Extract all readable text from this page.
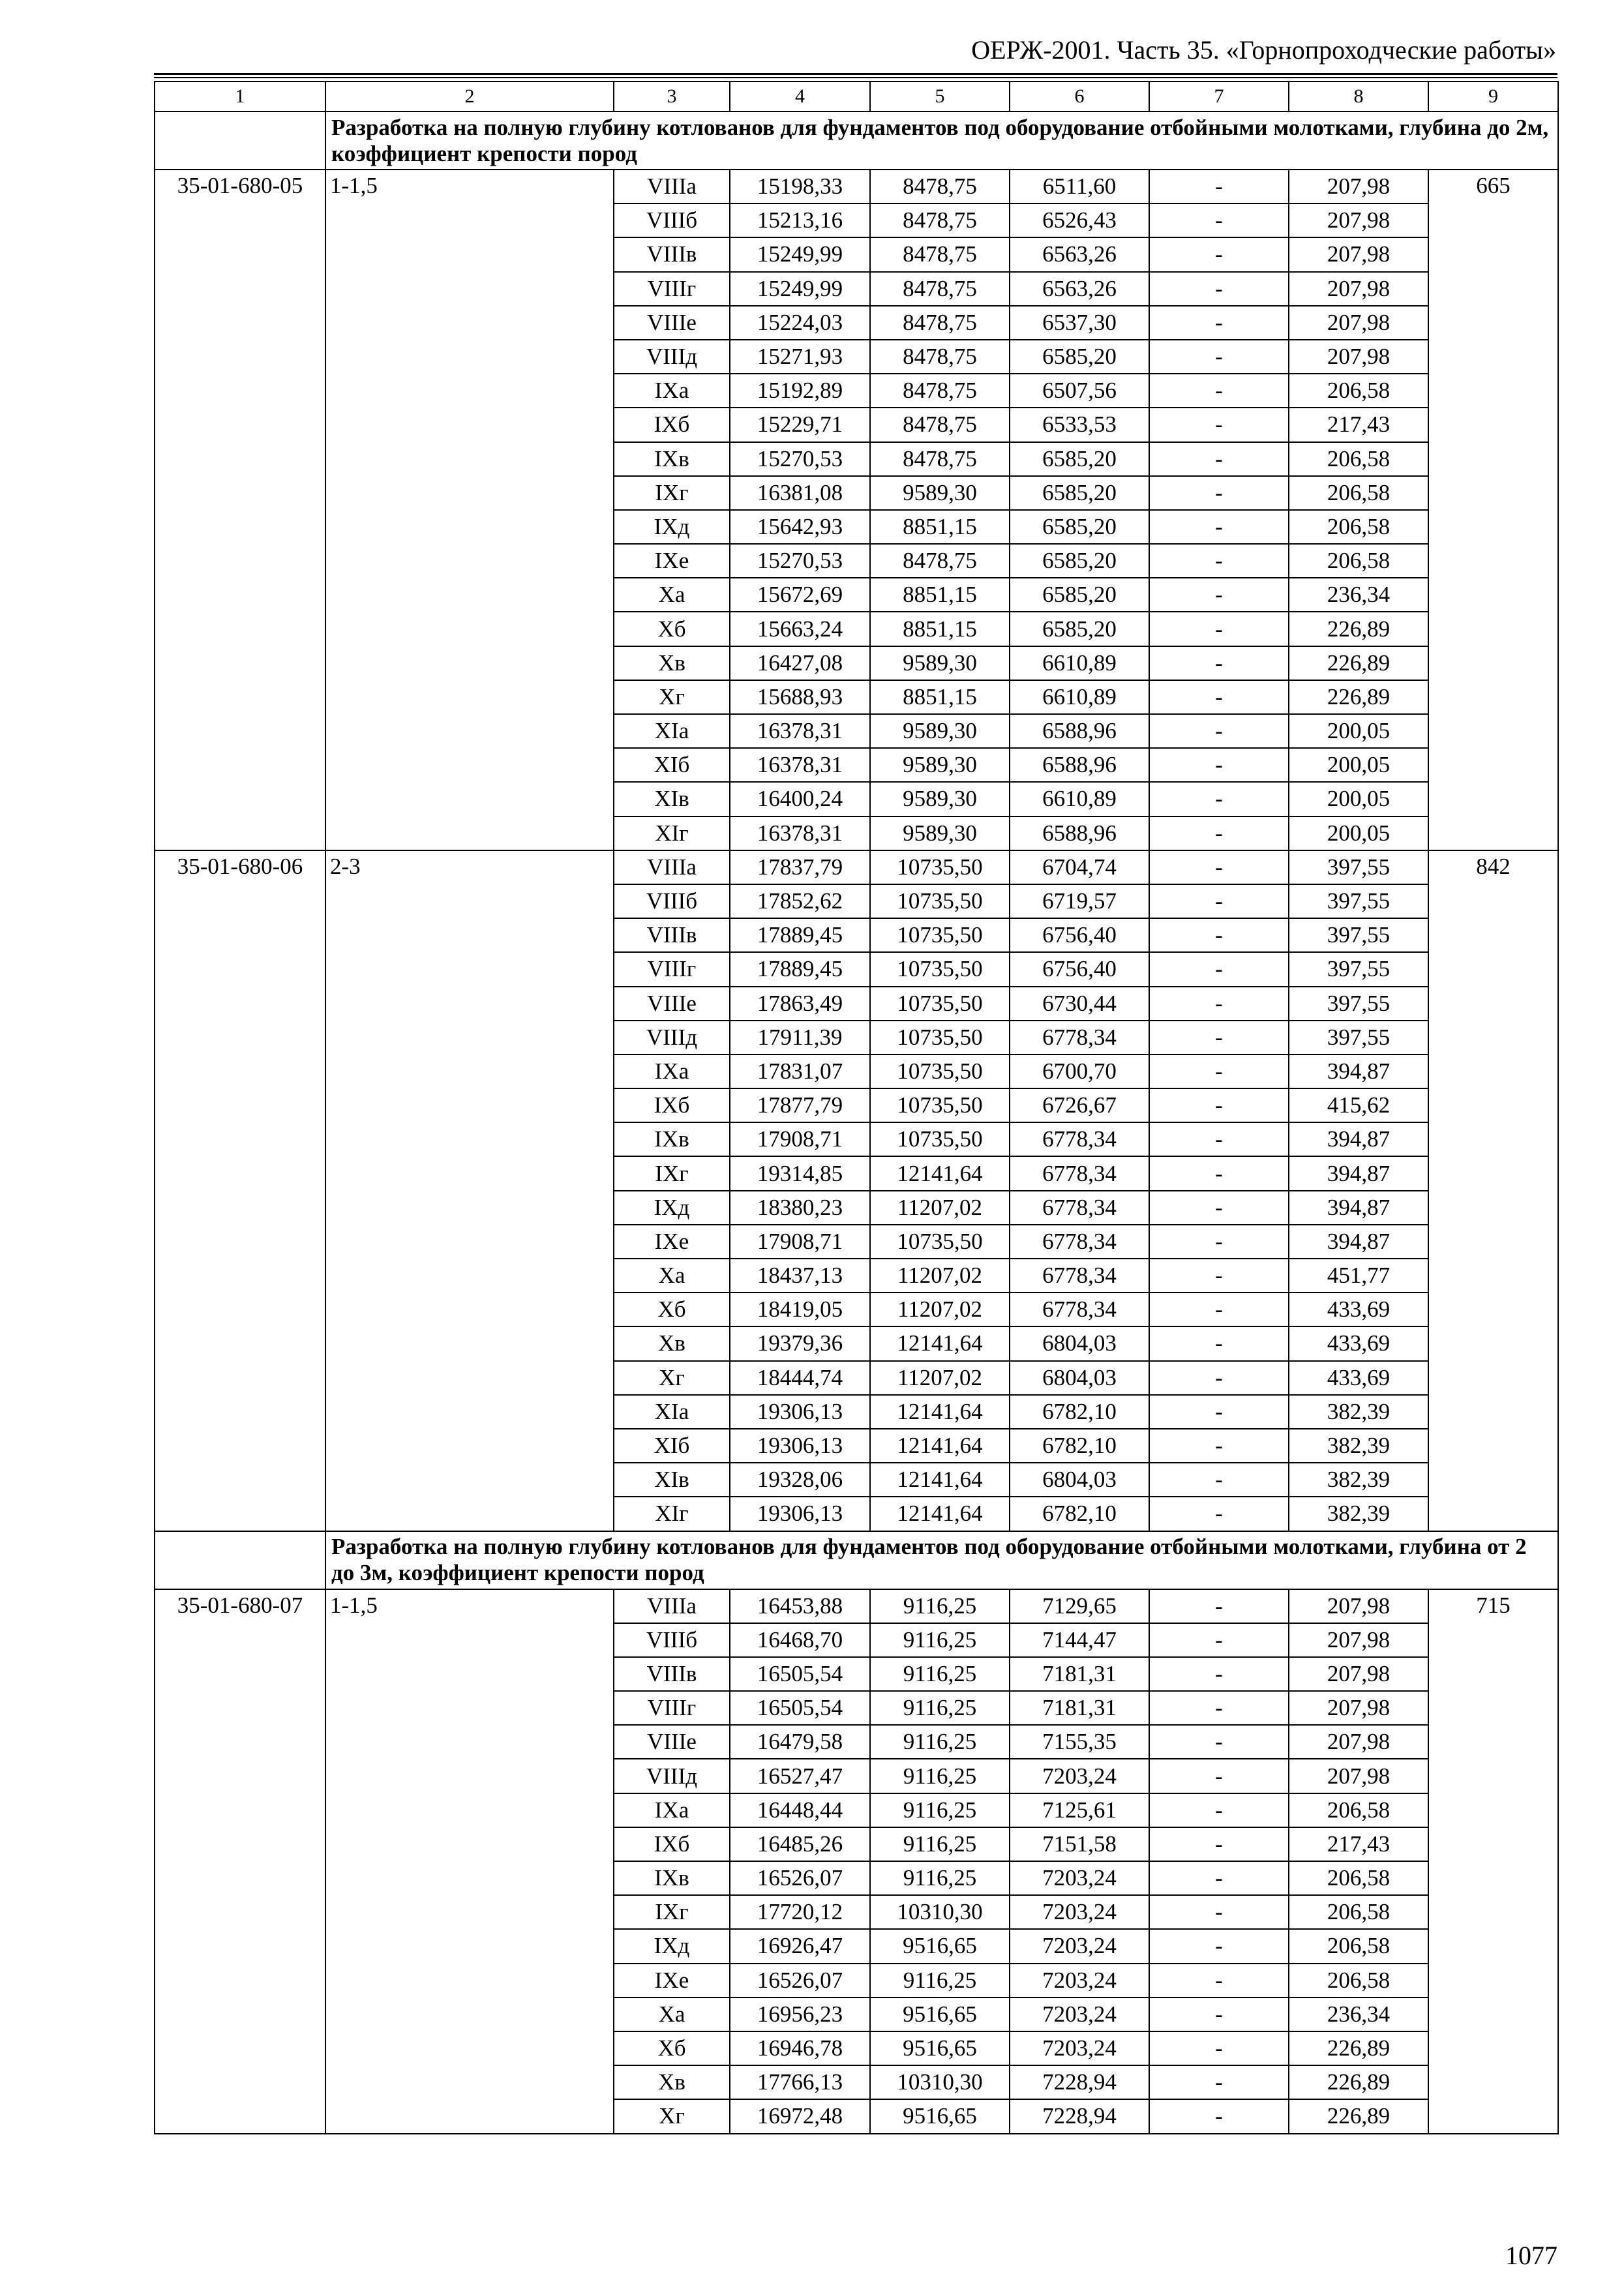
ОЕРЖ-2001. Часть 35. «Горнопроходческие работы»
1	2	3	4	5	6	7	8	9
	Разработка на полную глубину котлованов для фундаментов под оборудование отбойными молотками, глубина до 2м, коэффициент крепости пород							
35-01-680-05	1-1,5	VIIIа	15198,33	8478,75	6511,60	-	207,98	665
		VIIIб	15213,16	8478,75	6526,43	-	207,98	
		VIIIв	15249,99	8478,75	6563,26	-	207,98	
		VIIIг	15249,99	8478,75	6563,26	-	207,98	
		VIIIе	15224,03	8478,75	6537,30	-	207,98	
		VIIIд	15271,93	8478,75	6585,20	-	207,98	
		IXа	15192,89	8478,75	6507,56	-	206,58	
		IXб	15229,71	8478,75	6533,53	-	217,43	
		IXв	15270,53	8478,75	6585,20	-	206,58	
		IXг	16381,08	9589,30	6585,20	-	206,58	
		IXд	15642,93	8851,15	6585,20	-	206,58	
		IXе	15270,53	8478,75	6585,20	-	206,58	
		Xа	15672,69	8851,15	6585,20	-	236,34	
		Xб	15663,24	8851,15	6585,20	-	226,89	
		Xв	16427,08	9589,30	6610,89	-	226,89	
		Xг	15688,93	8851,15	6610,89	-	226,89	
		XIа	16378,31	9589,30	6588,96	-	200,05	
		XIб	16378,31	9589,30	6588,96	-	200,05	
		XIв	16400,24	9589,30	6610,89	-	200,05	
		XIг	16378,31	9589,30	6588,96	-	200,05	
35-01-680-06	2-3	VIIIа	17837,79	10735,50	6704,74	-	397,55	842
		VIIIб	17852,62	10735,50	6719,57	-	397,55	
		VIIIв	17889,45	10735,50	6756,40	-	397,55	
		VIIIг	17889,45	10735,50	6756,40	-	397,55	
		VIIIе	17863,49	10735,50	6730,44	-	397,55	
		VIIIд	17911,39	10735,50	6778,34	-	397,55	
		IXа	17831,07	10735,50	6700,70	-	394,87	
		IXб	17877,79	10735,50	6726,67	-	415,62	
		IXв	17908,71	10735,50	6778,34	-	394,87	
		IXг	19314,85	12141,64	6778,34	-	394,87	
		IXд	18380,23	11207,02	6778,34	-	394,87	
		IXе	17908,71	10735,50	6778,34	-	394,87	
		Xа	18437,13	11207,02	6778,34	-	451,77	
		Xб	18419,05	11207,02	6778,34	-	433,69	
		Xв	19379,36	12141,64	6804,03	-	433,69	
		Xг	18444,74	11207,02	6804,03	-	433,69	
		XIа	19306,13	12141,64	6782,10	-	382,39	
		XIб	19306,13	12141,64	6782,10	-	382,39	
		XIв	19328,06	12141,64	6804,03	-	382,39	
		XIг	19306,13	12141,64	6782,10	-	382,39	
	Разработка на полную глубину котлованов для фундаментов под оборудование отбойными молотками, глубина от 2 до 3м, коэффициент крепости пород							
35-01-680-07	1-1,5	VIIIа	16453,88	9116,25	7129,65	-	207,98	715
		VIIIб	16468,70	9116,25	7144,47	-	207,98	
		VIIIв	16505,54	9116,25	7181,31	-	207,98	
		VIIIг	16505,54	9116,25	7181,31	-	207,98	
		VIIIе	16479,58	9116,25	7155,35	-	207,98	
		VIIIд	16527,47	9116,25	7203,24	-	207,98	
		IXа	16448,44	9116,25	7125,61	-	206,58	
		IXб	16485,26	9116,25	7151,58	-	217,43	
		IXв	16526,07	9116,25	7203,24	-	206,58	
		IXг	17720,12	10310,30	7203,24	-	206,58	
		IXд	16926,47	9516,65	7203,24	-	206,58	
		IXе	16526,07	9116,25	7203,24	-	206,58	
		Xа	16956,23	9516,65	7203,24	-	236,34	
		Xб	16946,78	9516,65	7203,24	-	226,89	
		Xв	17766,13	10310,30	7228,94	-	226,89	
		Xг	16972,48	9516,65	7228,94	-	226,89	
1077
